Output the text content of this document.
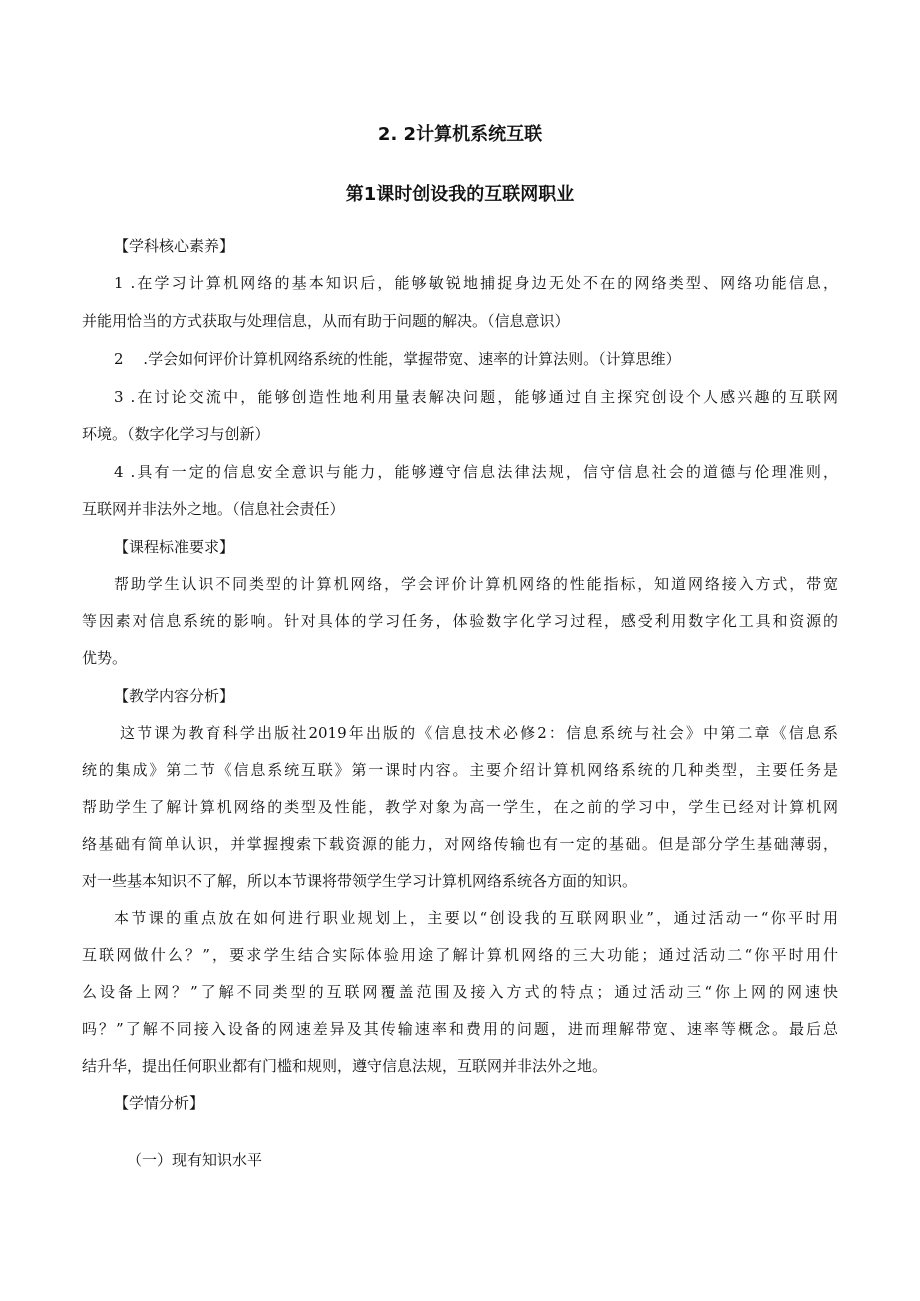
2. 2计算机系统互联
第1课时创设我的互联网职业

【学科核心素养】

1 .在学习计算机网络的基本知识后，能够敏锐地捕捉身边无处不在的网络类型、网络功能信息，

并能用恰当的方式获取与处理信息，从而有助于问题的解决。（信息意识）

2　 .学会如何评价计算机网络系统的性能，掌握带宽、速率的计算法则。（计算思维）

3 .在讨论交流中，能够创造性地利用量表解决问题，能够通过自主探究创设个人感兴趣的互联网

环境。（数字化学习与创新）

4 .具有一定的信息安全意识与能力，能够遵守信息法律法规，信守信息社会的道德与伦理准则，

互联网并非法外之地。（信息社会责任）

【课程标准要求】

帮助学生认识不同类型的计算机网络，学会评价计算机网络的性能指标，知道网络接入方式，带宽

等因素对信息系统的影响。针对具体的学习任务，体验数字化学习过程，感受利用数字化工具和资源的

优势。

【教学内容分析】

这节课为教育科学出版社2019年出版的《信息技术必修2：信息系统与社会》中第二章《信息系

统的集成》第二节《信息系统互联》第一课时内容。主要介绍计算机网络系统的几种类型，主要任务是

帮助学生了解计算机网络的类型及性能，教学对象为高一学生，在之前的学习中，学生已经对计算机网

络基础有简单认识，并掌握搜索下载资源的能力，对网络传输也有一定的基础。但是部分学生基础薄弱，

对一些基本知识不了解，所以本节课将带领学生学习计算机网络系统各方面的知识。

本节课的重点放在如何进行职业规划上，主要以“创设我的互联网职业”，通过活动一“你平时用

互联网做什么？”，要求学生结合实际体验用途了解计算机网络的三大功能；通过活动二“你平时用什

么设备上网？”了解不同类型的互联网覆盖范围及接入方式的特点；通过活动三“你上网的网速快

吗？”了解不同接入设备的网速差异及其传输速率和费用的问题，进而理解带宽、速率等概念。最后总

结升华，提出任何职业都有门槛和规则，遵守信息法规，互联网并非法外之地。

【学情分析】

（一）现有知识水平
